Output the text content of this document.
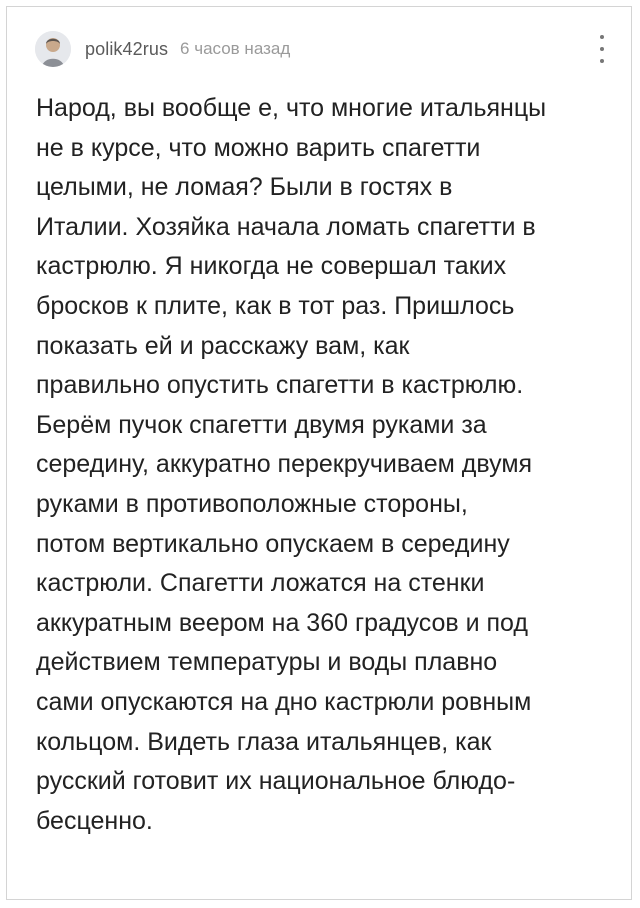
polik42rus 6 часов назад
Народ, вы вообще е, что многие итальянцы
не в курсе, что можно варить спагетти
целыми, не ломая? Были в гостях в
Италии. Хозяйка начала ломать спагетти в
кастрюлю. Я никогда не совершал таких
бросков к плите, как в тот раз. Пришлось
показать ей и расскажу вам, как
правильно опустить спагетти в кастрюлю.
Берём пучок спагетти двумя руками за
середину, аккуратно перекручиваем двумя
руками в противоположные стороны,
потом вертикально опускаем в середину
кастрюли. Спагетти ложатся на стенки
аккуратным веером на 360 градусов и под
действием температуры и воды плавно
сами опускаются на дно кастрюли ровным
кольцом. Видеть глаза итальянцев, как
русский готовит их национальное блюдо-
бесценно.
